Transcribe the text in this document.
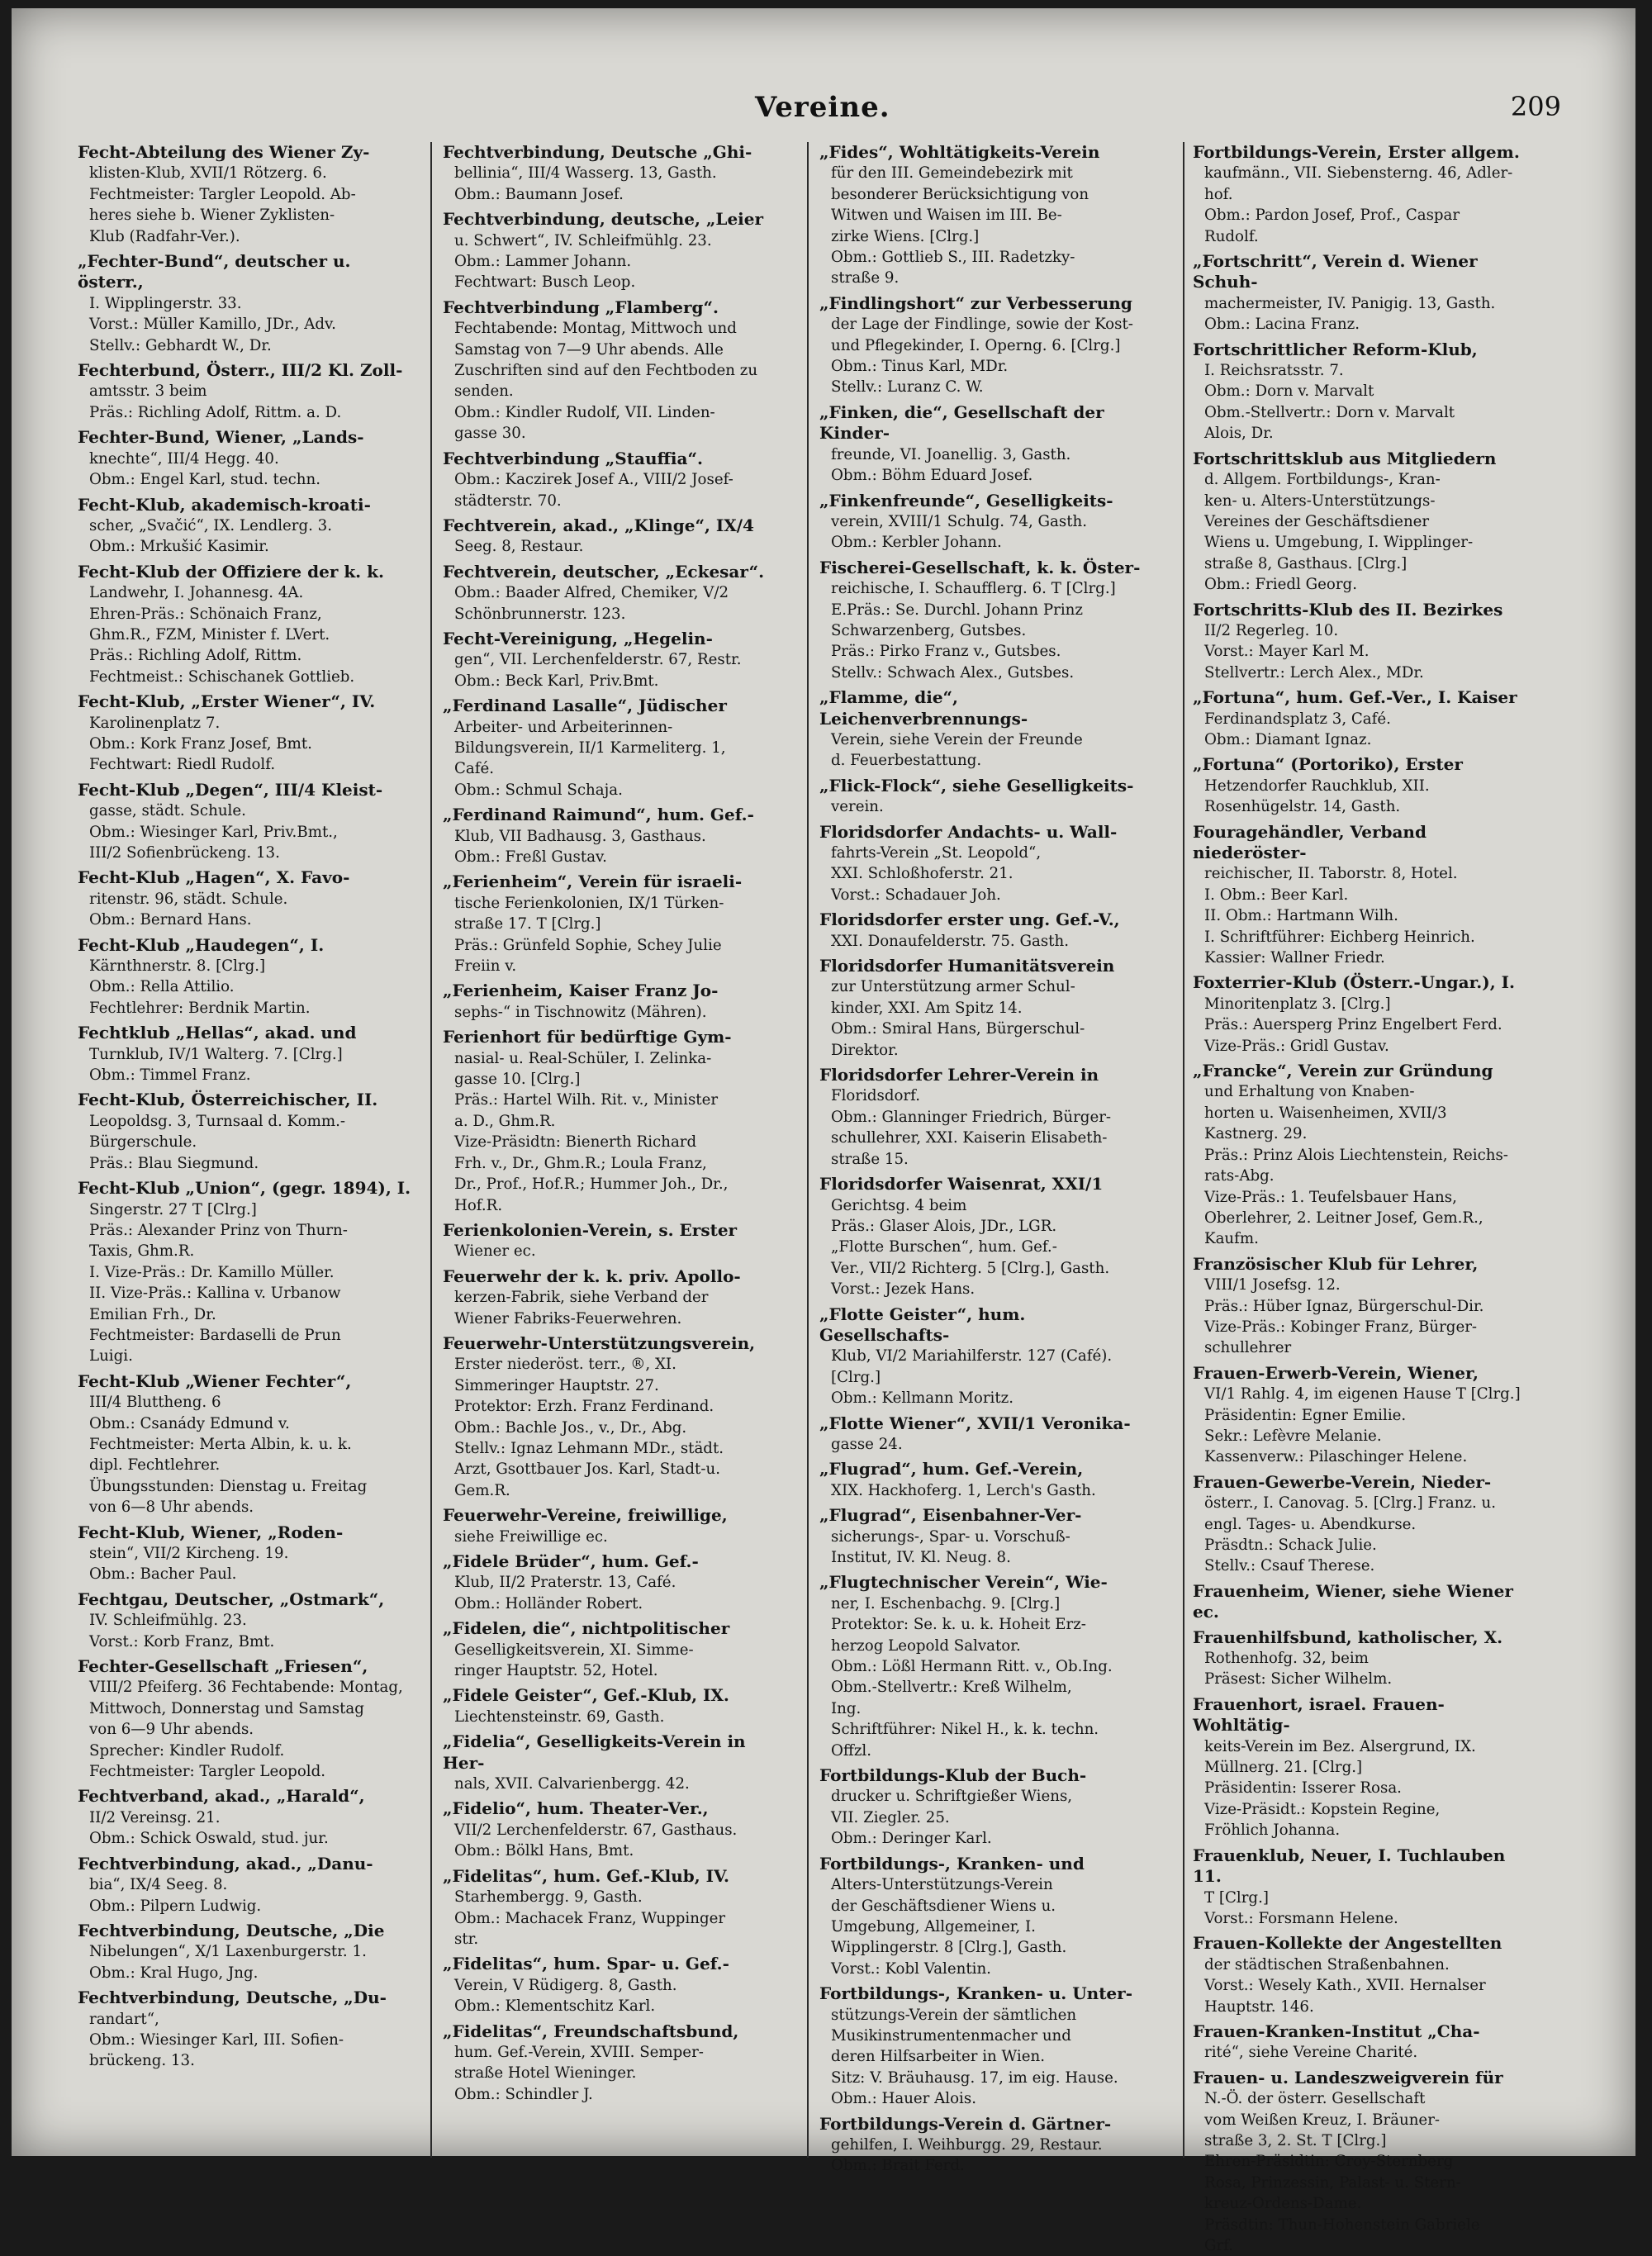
Vereine.	209
Fecht-Abteilung des Wiener Zy-
klisten-Klub, XVII/1 Rötzerg. 6.
Fechtmeister: Targler Leopold. Ab-
heres siehe b. Wiener Zyklisten-
Klub (Radfahr-Ver.).
„Fechter-Bund“, deutscher u. österr.,
I. Wipplingerstr. 33.
Vorst.: Müller Kamillo, JDr., Adv.
Stellv.: Gebhardt W., Dr.
Fechterbund, Österr., III/2 Kl. Zoll-
amtsstr. 3 beim
Präs.: Richling Adolf, Rittm. a. D.
Fechter-Bund, Wiener, „Lands-
knechte“, III/4 Hegg. 40.
Obm.: Engel Karl, stud. techn.
Fecht-Klub, akademisch-kroati-
scher, „Svačić“, IX. Lendlerg. 3.
Obm.: Mrkušić Kasimir.
Fecht-Klub der Offiziere der k. k.
Landwehr, I. Johannesg. 4A.
Ehren-Präs.: Schönaich Franz,
Ghm.R., FZM, Minister f. LVert.
Präs.: Richling Adolf, Rittm.
Fechtmeist.: Schischanek Gottlieb.
Fecht-Klub, „Erster Wiener“, IV.
Karolinenplatz 7.
Obm.: Kork Franz Josef, Bmt.
Fechtwart: Riedl Rudolf.
Fecht-Klub „Degen“, III/4 Kleist-
gasse, städt. Schule.
Obm.: Wiesinger Karl, Priv.Bmt.,
III/2 Sofienbrückeng. 13.
Fecht-Klub „Hagen“, X. Favo-
ritenstr. 96, städt. Schule.
Obm.: Bernard Hans.
Fecht-Klub „Haudegen“, I.
Kärnthnerstr. 8. [Clrg.]
Obm.: Rella Attilio.
Fechtlehrer: Berdnik Martin.
Fechtklub „Hellas“, akad. und
Turnklub, IV/1 Walterg. 7. [Clrg.]
Obm.: Timmel Franz.
Fecht-Klub, Österreichischer, II.
Leopoldsg. 3, Turnsaal d. Komm.-
Bürgerschule.
Präs.: Blau Siegmund.
Fecht-Klub „Union“, (gegr. 1894), I.
Singerstr. 27 T [Clrg.]
Präs.: Alexander Prinz von Thurn-
Taxis, Ghm.R.
I. Vize-Präs.: Dr. Kamillo Müller.
II. Vize-Präs.: Kallina v. Urbanow
Emilian Frh., Dr.
Fechtmeister: Bardaselli de Prun
Luigi.
Fecht-Klub „Wiener Fechter“,
III/4 Bluttheng. 6
Obm.: Csanády Edmund v.
Fechtmeister: Merta Albin, k. u. k.
dipl. Fechtlehrer.
Übungsstunden: Dienstag u. Freitag
von 6—8 Uhr abends.
Fecht-Klub, Wiener, „Roden-
stein“, VII/2 Kircheng. 19.
Obm.: Bacher Paul.
Fechtgau, Deutscher, „Ostmark“,
IV. Schleifmühlg. 23.
Vorst.: Korb Franz, Bmt.
Fechter-Gesellschaft „Friesen“,
VIII/2 Pfeiferg. 36 Fechtabende: Montag,
Mittwoch, Donnerstag und Samstag
von 6—9 Uhr abends.
Sprecher: Kindler Rudolf.
Fechtmeister: Targler Leopold.
Fechtverband, akad., „Harald“,
II/2 Vereinsg. 21.
Obm.: Schick Oswald, stud. jur.
Fechtverbindung, akad., „Danu-
bia“, IX/4 Seeg. 8.
Obm.: Pilpern Ludwig.
Fechtverbindung, Deutsche, „Die
Nibelungen“, X/1 Laxenburgerstr. 1.
Obm.: Kral Hugo, Jng.
Fechtverbindung, Deutsche, „Du-
randart“,
Obm.: Wiesinger Karl, III. Sofien-
brückeng. 13.
Fechtverbindung, Deutsche „Ghi-
bellinia“, III/4 Wasserg. 13, Gasth.
Obm.: Baumann Josef.
Fechtverbindung, deutsche, „Leier
u. Schwert“, IV. Schleifmühlg. 23.
Obm.: Lammer Johann.
Fechtwart: Busch Leop.
Fechtverbindung „Flamberg“.
Fechtabende: Montag, Mittwoch und
Samstag von 7—9 Uhr abends. Alle
Zuschriften sind auf den Fechtboden zu
senden.
Obm.: Kindler Rudolf, VII. Linden-
gasse 30.
Fechtverbindung „Stauffia“.
Obm.: Kaczirek Josef A., VIII/2 Josef-
städterstr. 70.
Fechtverein, akad., „Klinge“, IX/4
Seeg. 8, Restaur.
Fechtverein, deutscher, „Eckesar“.
Obm.: Baader Alfred, Chemiker, V/2
Schönbrunnerstr. 123.
Fecht-Vereinigung, „Hegelin-
gen“, VII. Lerchenfelderstr. 67, Restr.
Obm.: Beck Karl, Priv.Bmt.
„Ferdinand Lasalle“, Jüdischer
Arbeiter- und Arbeiterinnen-
Bildungsverein, II/1 Karmeliterg. 1,
Café.
Obm.: Schmul Schaja.
„Ferdinand Raimund“, hum. Gef.-
Klub, VII Badhausg. 3, Gasthaus.
Obm.: Freßl Gustav.
„Ferienheim“, Verein für israeli-
tische Ferienkolonien, IX/1 Türken-
straße 17. T [Clrg.]
Präs.: Grünfeld Sophie, Schey Julie
Freiin v.
„Ferienheim, Kaiser Franz Jo-
sephs-“ in Tischnowitz (Mähren).
Ferienhort für bedürftige Gym-
nasial- u. Real-Schüler, I. Zelinka-
gasse 10. [Clrg.]
Präs.: Hartel Wilh. Rit. v., Minister
a. D., Ghm.R.
Vize-Präsidtn: Bienerth Richard
Frh. v., Dr., Ghm.R.; Loula Franz,
Dr., Prof., Hof.R.; Hummer Joh., Dr.,
Hof.R.
Ferienkolonien-Verein, s. Erster
Wiener ec.
Feuerwehr der k. k. priv. Apollo-
kerzen-Fabrik, siehe Verband der
Wiener Fabriks-Feuerwehren.
Feuerwehr-Unterstützungsverein,
Erster niederöst. terr., ®, XI.
Simmeringer Hauptstr. 27.
Protektor: Erzh. Franz Ferdinand.
Obm.: Bachle Jos., v., Dr., Abg.
Stellv.: Ignaz Lehmann MDr., städt.
Arzt, Gsottbauer Jos. Karl, Stadt-u.
Gem.R.
Feuerwehr-Vereine, freiwillige,
siehe Freiwillige ec.
„Fidele Brüder“, hum. Gef.-
Klub, II/2 Praterstr. 13, Café.
Obm.: Holländer Robert.
„Fidelen, die“, nichtpolitischer
Geselligkeitsverein, XI. Simme-
ringer Hauptstr. 52, Hotel.
„Fidele Geister“, Gef.-Klub, IX.
Liechtensteinstr. 69, Gasth.
„Fidelia“, Geselligkeits-Verein in Her-
nals, XVII. Calvarienbergg. 42.
„Fidelio“, hum. Theater-Ver.,
VII/2 Lerchenfelderstr. 67, Gasthaus.
Obm.: Bölkl Hans, Bmt.
„Fidelitas“, hum. Gef.-Klub, IV.
Starhembergg. 9, Gasth.
Obm.: Machacek Franz, Wuppinger
str.
„Fidelitas“, hum. Spar- u. Gef.-
Verein, V Rüdigerg. 8, Gasth.
Obm.: Klementschitz Karl.
„Fidelitas“, Freundschaftsbund,
hum. Gef.-Verein, XVIII. Semper-
straße Hotel Wieninger.
Obm.: Schindler J.
„Fides“, Wohltätigkeits-Verein
für den III. Gemeindebezirk mit
besonderer Berücksichtigung von
Witwen und Waisen im III. Be-
zirke Wiens. [Clrg.]
Obm.: Gottlieb S., III. Radetzky-
straße 9.
„Findlingshort“ zur Verbesserung
der Lage der Findlinge, sowie der Kost-
und Pflegekinder, I. Operng. 6. [Clrg.]
Obm.: Tinus Karl, MDr.
Stellv.: Luranz C. W.
„Finken, die“, Gesellschaft der Kinder-
freunde, VI. Joanellig. 3, Gasth.
Obm.: Böhm Eduard Josef.
„Finkenfreunde“, Geselligkeits-
verein, XVIII/1 Schulg. 74, Gasth.
Obm.: Kerbler Johann.
Fischerei-Gesellschaft, k. k. Öster-
reichische, I. Schaufflerg. 6. T [Clrg.]
E.Präs.: Se. Durchl. Johann Prinz
Schwarzenberg, Gutsbes.
Präs.: Pirko Franz v., Gutsbes.
Stellv.: Schwach Alex., Gutsbes.
„Flamme, die“, Leichenverbrennungs-
Verein, siehe Verein der Freunde
d. Feuerbestattung.
„Flick-Flock“, siehe Geselligkeits-
verein.
Floridsdorfer Andachts- u. Wall-
fahrts-Verein „St. Leopold“,
XXI. Schloßhoferstr. 21.
Vorst.: Schadauer Joh.
Floridsdorfer erster ung. Gef.-V.,
XXI. Donaufelderstr. 75. Gasth.
Floridsdorfer Humanitätsverein
zur Unterstützung armer Schul-
kinder, XXI. Am Spitz 14.
Obm.: Smiral Hans, Bürgerschul-
Direktor.
Floridsdorfer Lehrer-Verein in
Floridsdorf.
Obm.: Glanninger Friedrich, Bürger-
schullehrer, XXI. Kaiserin Elisabeth-
straße 15.
Floridsdorfer Waisenrat, XXI/1
Gerichtsg. 4 beim
Präs.: Glaser Alois, JDr., LGR.
„Flotte Burschen“, hum. Gef.-
Ver., VII/2 Richterg. 5 [Clrg.], Gasth.
Vorst.: Jezek Hans.
„Flotte Geister“, hum. Gesellschafts-
Klub, VI/2 Mariahilferstr. 127 (Café).
[Clrg.]
Obm.: Kellmann Moritz.
„Flotte Wiener“, XVII/1 Veronika-
gasse 24.
„Flugrad“, hum. Gef.-Verein,
XIX. Hackhoferg. 1, Lerch's Gasth.
„Flugrad“, Eisenbahner-Ver-
sicherungs-, Spar- u. Vorschuß-
Institut, IV. Kl. Neug. 8.
„Flugtechnischer Verein“, Wie-
ner, I. Eschenbachg. 9. [Clrg.]
Protektor: Se. k. u. k. Hoheit Erz-
herzog Leopold Salvator.
Obm.: Lößl Hermann Ritt. v., Ob.Ing.
Obm.-Stellvertr.: Kreß Wilhelm,
Ing.
Schriftführer: Nikel H., k. k. techn.
Offzl.
Fortbildungs-Klub der Buch-
drucker u. Schriftgießer Wiens,
VII. Ziegler. 25.
Obm.: Deringer Karl.
Fortbildungs-, Kranken- und
Alters-Unterstützungs-Verein
der Geschäftsdiener Wiens u.
Umgebung, Allgemeiner, I.
Wipplingerstr. 8 [Clrg.], Gasth.
Vorst.: Kobl Valentin.
Fortbildungs-, Kranken- u. Unter-
stützungs-Verein der sämtlichen
Musikinstrumentenmacher und
deren Hilfsarbeiter in Wien.
Sitz: V. Bräuhausg. 17, im eig. Hause.
Obm.: Hauer Alois.
Fortbildungs-Verein d. Gärtner-
gehilfen, I. Weihburgg. 29, Restaur.
Obm.: Brait Ferd.
Fortbildungs-Verein, Erster allgem.
kaufmänn., VII. Siebensterng. 46, Adler-
hof.
Obm.: Pardon Josef, Prof., Caspar
Rudolf.
„Fortschritt“, Verein d. Wiener Schuh-
machermeister, IV. Panigig. 13, Gasth.
Obm.: Lacina Franz.
Fortschrittlicher Reform-Klub,
I. Reichsratsstr. 7.
Obm.: Dorn v. Marvalt
Obm.-Stellvertr.: Dorn v. Marvalt
Alois, Dr.
Fortschrittsklub aus Mitgliedern
d. Allgem. Fortbildungs-, Kran-
ken- u. Alters-Unterstützungs-
Vereines der Geschäftsdiener
Wiens u. Umgebung, I. Wipplinger-
straße 8, Gasthaus. [Clrg.]
Obm.: Friedl Georg.
Fortschritts-Klub des II. Bezirkes
II/2 Regerleg. 10.
Vorst.: Mayer Karl M.
Stellvertr.: Lerch Alex., MDr.
„Fortuna“, hum. Gef.-Ver., I. Kaiser
Ferdinandsplatz 3, Café.
Obm.: Diamant Ignaz.
„Fortuna“ (Portoriko), Erster
Hetzendorfer Rauchklub, XII.
Rosenhügelstr. 14, Gasth.
Fouragehändler, Verband niederöster-
reichischer, II. Taborstr. 8, Hotel.
I. Obm.: Beer Karl.
II. Obm.: Hartmann Wilh.
I. Schriftführer: Eichberg Heinrich.
Kassier: Wallner Friedr.
Foxterrier-Klub (Österr.-Ungar.), I.
Minoritenplatz 3. [Clrg.]
Präs.: Auersperg Prinz Engelbert Ferd.
Vize-Präs.: Gridl Gustav.
„Francke“, Verein zur Gründung
und Erhaltung von Knaben-
horten u. Waisenheimen, XVII/3
Kastnerg. 29.
Präs.: Prinz Alois Liechtenstein, Reichs-
rats-Abg.
Vize-Präs.: 1. Teufelsbauer Hans,
Oberlehrer, 2. Leitner Josef, Gem.R.,
Kaufm.
Französischer Klub für Lehrer,
VIII/1 Josefsg. 12.
Präs.: Hüber Ignaz, Bürgerschul-Dir.
Vize-Präs.: Kobinger Franz, Bürger-
schullehrer
Frauen-Erwerb-Verein, Wiener,
VI/1 Rahlg. 4, im eigenen Hause T [Clrg.]
Präsidentin: Egner Emilie.
Sekr.: Lefèvre Melanie.
Kassenverw.: Pilaschinger Helene.
Frauen-Gewerbe-Verein, Nieder-
österr., I. Canovag. 5. [Clrg.] Franz. u.
engl. Tages- u. Abendkurse.
Präsdtn.: Schack Julie.
Stellv.: Csauf Therese.
Frauenheim, Wiener, siehe Wiener ec.
Frauenhilfsbund, katholischer, X.
Rothenhofg. 32, beim
Präsest: Sicher Wilhelm.
Frauenhort, israel. Frauen-Wohltätig-
keits-Verein im Bez. Alsergrund, IX.
Müllnerg. 21. [Clrg.]
Präsidentin: Isserer Rosa.
Vize-Präsidt.: Kopstein Regine,
Fröhlich Johanna.
Frauenklub, Neuer, I. Tuchlauben 11.
T [Clrg.]
Vorst.: Forsmann Helene.
Frauen-Kollekte der Angestellten
der städtischen Straßenbahnen.
Vorst.: Wesely Kath., XVII. Hernalser
Hauptstr. 146.
Frauen-Kranken-Institut „Cha-
rité“, siehe Vereine Charité.
Frauen- u. Landeszweigverein für
N.-Ö. der österr. Gesellschaft
vom Weißen Kreuz, I. Bräuner-
straße 3, 2. St. T [Clrg.]
Ehren-Präsidtin: Croy-Sternberg
Rosa, Prinzessin, Palast- u. Stern-
kreuz-Ordens-Dame.
Präsdtin: Thun-Hohenstein Gabriele
Grf.
